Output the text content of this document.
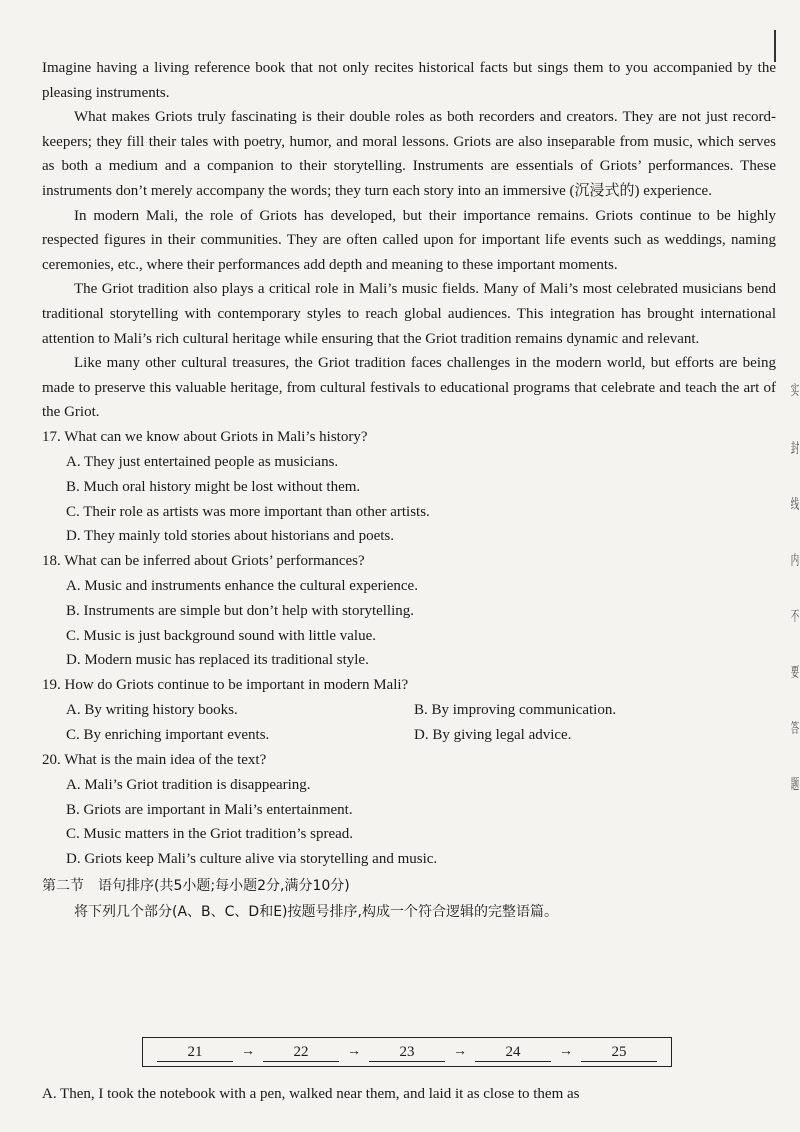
实
封
线
内
不
要
答
题

Imagine having a living reference book that not only recites historical facts but sings them to you accompanied by the pleasing instruments.

What makes Griots truly fascinating is their double roles as both recorders and creators. They are not just record-keepers; they fill their tales with poetry, humor, and moral lessons. Griots are also inseparable from music, which serves as both a medium and a companion to their storytelling. Instruments are essentials of Griots’ performances. These instruments don’t merely accompany the words; they turn each story into an immersive (沉浸式的) experience.

In modern Mali, the role of Griots has developed, but their importance remains. Griots continue to be highly respected figures in their communities. They are often called upon for important life events such as weddings, naming ceremonies, etc., where their performances add depth and meaning to these important moments.

The Griot tradition also plays a critical role in Mali’s music fields. Many of Mali’s most celebrated musicians bend traditional storytelling with contemporary styles to reach global audiences. This integration has brought international attention to Mali’s rich cultural heritage while ensuring that the Griot tradition remains dynamic and relevant.

Like many other cultural treasures, the Griot tradition faces challenges in the modern world, but efforts are being made to preserve this valuable heritage, from cultural festivals to educational programs that celebrate and teach the art of the Griot.

17. What can we know about Griots in Mali’s history?

A. They just entertained people as musicians.

B. Much oral history might be lost without them.

C. Their role as artists was more important than other artists.

D. They mainly told stories about historians and poets.

18. What can be inferred about Griots’ performances?

A. Music and instruments enhance the cultural experience.

B. Instruments are simple but don’t help with storytelling.

C. Music is just background sound with little value.

D. Modern music has replaced its traditional style.

19. How do Griots continue to be important in modern Mali?

A. By writing history books.	B. By improving communication.
C. By enriching important events.	D. By giving legal advice.

20. What is the main idea of the text?

A. Mali’s Griot tradition is disappearing.

B. Griots are important in Mali’s entertainment.

C. Music matters in the Griot tradition’s spread.

D. Griots keep Mali’s culture alive via storytelling and music.

第二节　语句排序(共5小题;每小题2分,满分10分)

将下列几个部分(A、B、C、D和E)按题号排序,构成一个符合逻辑的完整语篇。

21	→	22	→	23	→	24	→	25

A. Then, I took the notebook with a pen, walked near them, and laid it as close to them as
